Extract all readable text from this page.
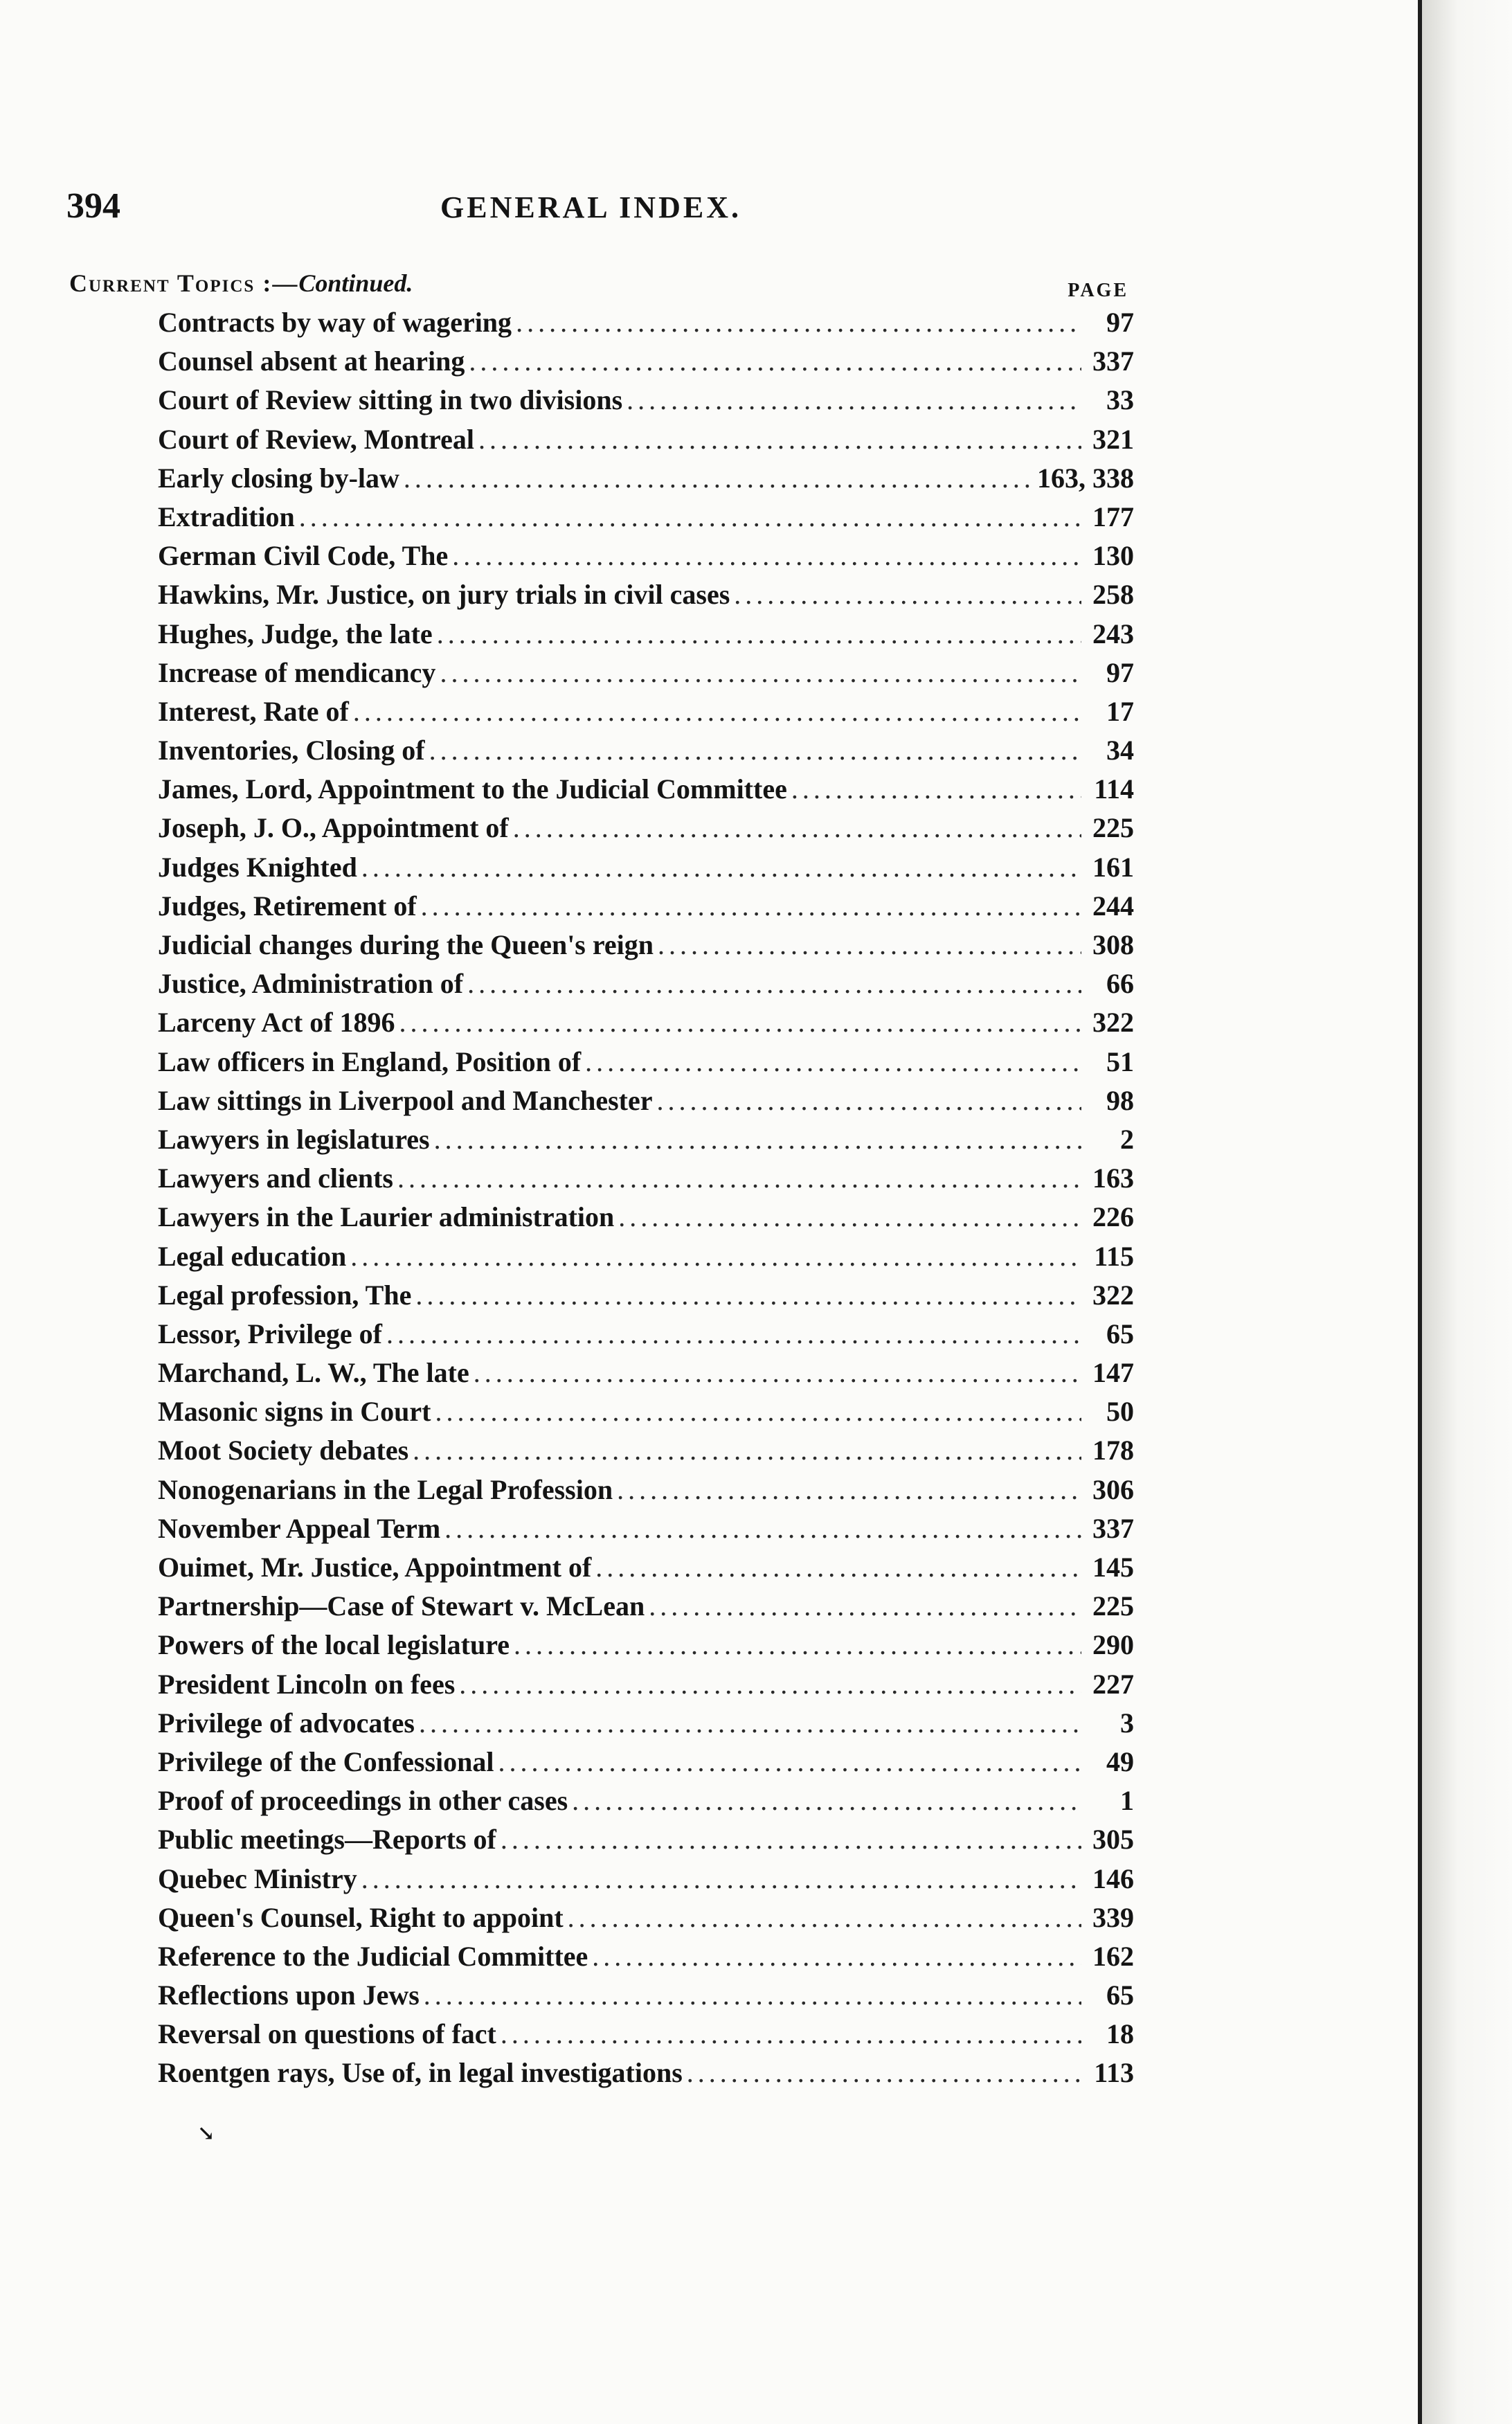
394	GENERAL INDEX.
Current Topics :—Continued.	PAGE
Contracts by way of wagering .....	97
Counsel absent at hearing .....	337
Court of Review sitting in two divisions .....	33
Court of Review, Montreal .....	321
Early closing by-law .....	163, 338
Extradition .....	177
German Civil Code, The .....	130
Hawkins, Mr. Justice, on jury trials in civil cases .....	258
Hughes, Judge, the late .....	243
Increase of mendicancy .....	97
Interest, Rate of .....	17
Inventories, Closing of .....	34
James, Lord, Appointment to the Judicial Committee .....	114
Joseph, J. O., Appointment of .....	225
Judges Knighted .....	161
Judges, Retirement of .....	244
Judicial changes during the Queen's reign .....	308
Justice, Administration of .....	66
Larceny Act of 1896 .....	322
Law officers in England, Position of .....	51
Law sittings in Liverpool and Manchester .....	98
Lawyers in legislatures .....	2
Lawyers and clients .....	163
Lawyers in the Laurier administration .....	226
Legal education .....	115
Legal profession, The .....	322
Lessor, Privilege of .....	65
Marchand, L. W., The late .....	147
Masonic signs in Court .....	50
Moot Society debates .....	178
Nonogenarians in the Legal Profession .....	306
November Appeal Term .....	337
Ouimet, Mr. Justice, Appointment of .....	145
Partnership—Case of Stewart v. McLean .....	225
Powers of the local legislature .....	290
President Lincoln on fees .....	227
Privilege of advocates .....	3
Privilege of the Confessional .....	49
Proof of proceedings in other cases .....	1
Public meetings—Reports of .....	305
Quebec Ministry .....	146
Queen's Counsel, Right to appoint .....	339
Reference to the Judicial Committee .....	162
Reflections upon Jews .....	65
Reversal on questions of fact .....	18
Roentgen rays, Use of, in legal investigations .....	113
↘
